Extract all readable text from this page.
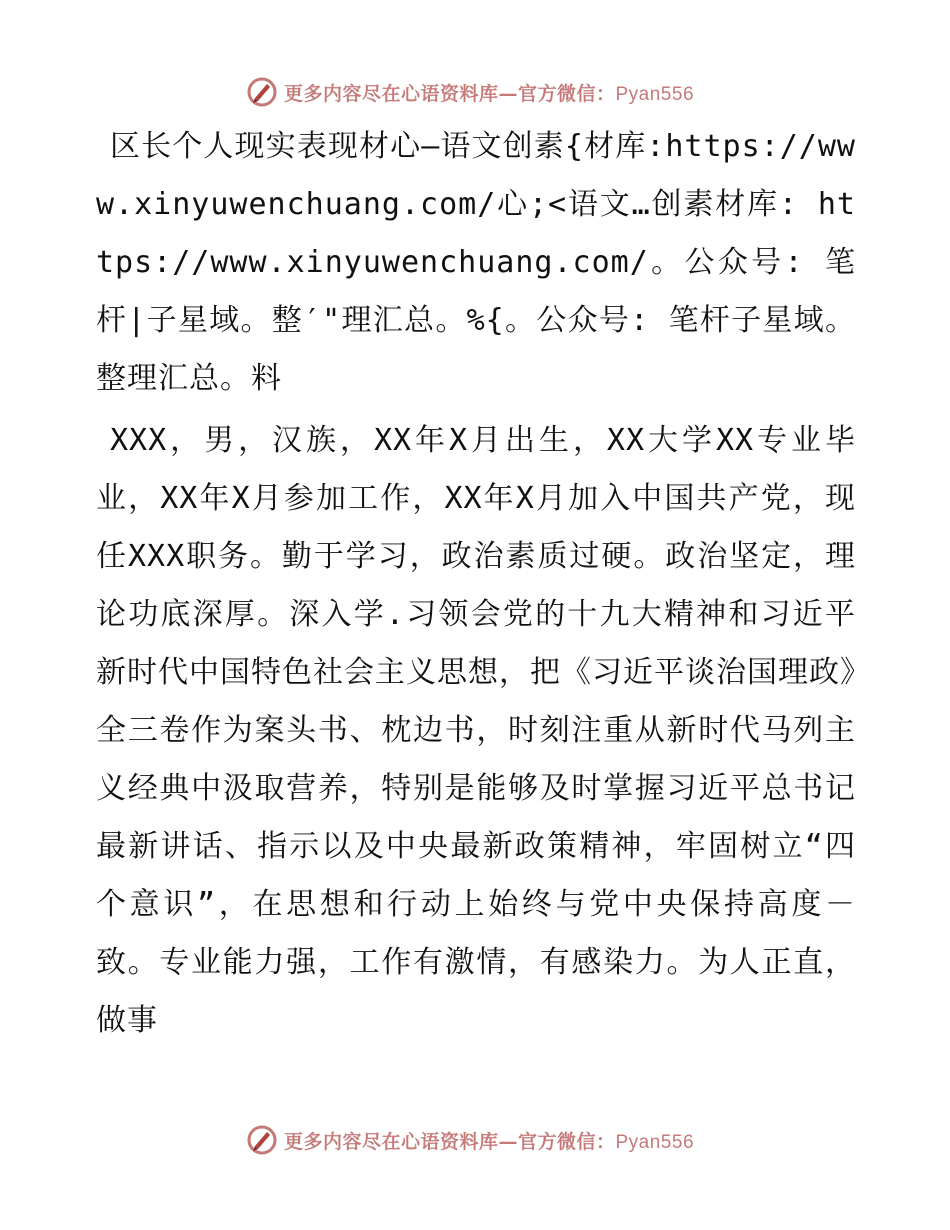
更多内容尽在心语资料库—官方微信：Pyan556

区长个人现实表现材心—语文创素{材库:https://www.xinyuwenchuang.com/心;<语文…创素材库: https://www.xinyuwenchuang.com/。公众号: 笔杆|子星域。整′"理汇总。%{。公众号: 笔杆子星域。整理汇总。料

XXX，男，汉族，XX年X月出生，XX大学XX专业毕业，XX年X月参加工作，XX年X月加入中国共产党，现任XXX职务。勤于学习，政治素质过硬。政治坚定，理论功底深厚。深入学.习领会党的十九大精神和习近平新时代中国特色社会主义思想，把《习近平谈治国理政》全三卷作为案头书、枕边书，时刻注重从新时代马列主义经典中汲取营养，特别是能够及时掌握习近平总书记最新讲话、指示以及中央最新政策精神，牢固树立“四个意识”，在思想和行动上始终与党中央保持高度－致。专业能力强，工作有激情，有感染力。为人正直，做事

更多内容尽在心语资料库—官方微信：Pyan556
